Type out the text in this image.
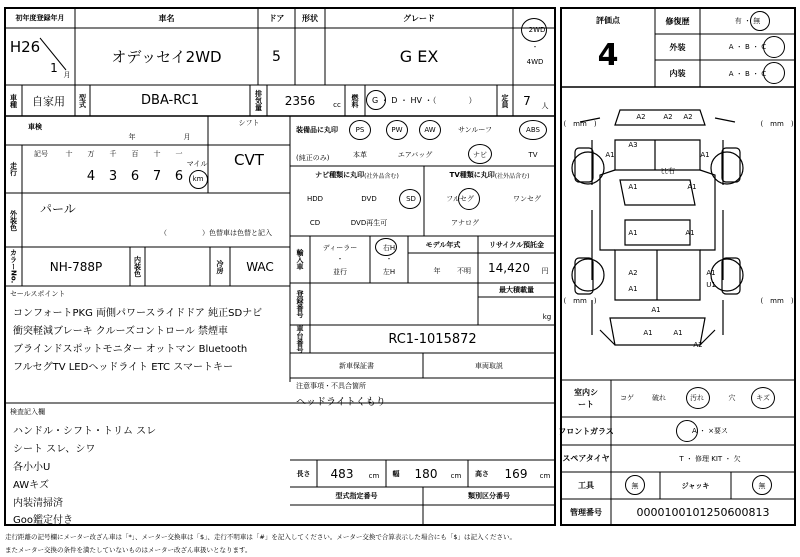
初年度登録年月	車名	ドア	形状	グレード
H26
1 月
オデッセイ2WD	5	G EX
2WD
・
4WD
車種	自家用	型式	DBA-RC1	排気量	2356	cc	燃料	G ・ D ・ HV ・（　　　　）	定員	7	人
車検
年	月
シフト
CVT
走行
記号	十	万	千	百	十	一
マイル
4 3 6 7 6	km
外装色
パール
（　　　　　）色替車は色替と記入
カラーNo.	NH-788P	内装色	冷房	WAC
セールスポイント
コンフォートPKG 両側パワースライドドア 純正SDナビ
衝突軽減ブレーキ クルーズコントロール 禁煙車
ブラインドスポットモニター オットマン Bluetooth
フルセグTV LEDヘッドライト ETC スマートキー
装備品に丸印
(純正のみ)
PS	PW	AW	サンルーフ	ABS
本革	エアバッグ	ナビ	TV
ナビ種類に丸印 (社外品含む)	TV種類に丸印 (社外品含む)
HDD	DVD	SD
CD	DVD再生可
フルセグ	ワンセグ
アナログ
輸入車
ディーラー
・
並行
右H
・
左H
モデル年式
年	不明
リサイクル預託金
14,420	円
登録番号	最大積載量
kg
車台番号	RC1-1015872
新車保証書	車両取説
注意事項・不具合箇所
ヘッドライトくもり
検査記入欄
ハンドル・シフト・トリム スレ
シート スレ、シワ
各小小U
AWキズ
内装清掃済
Goo鑑定付き
長さ	483	cm	幅	180	cm	高さ	169	cm
型式指定番号	類別区分番号
評価点
4
修復歴	有 ・ 無
外装	A ・ B ・ C
内装	A ・ B ・ C
A2
A3
A1	A1
A1	A1
A2
A1
A1
U1
A1	A1
A2
A2
A1	A1
A1
A2
ﾋﾋ右
(　mm　)	(　mm　)
(　mm　)	(　mm　)
室内シート
コゲ	破れ	汚れ	穴	キズ
フロントガラス	A ・ ×要ス
スペアタイヤ	T ・ 修理 KIT ・ 欠
工具	無	ジャッキ	無
管理番号	0000100101250600813
走行距離の記号欄にメーター改ざん車は「*」、メーター交換車は「$」、走行不明車は「#」を記入してください。メーター交換で合算表示した場合にも「$」は記入ください。
またメーター交換の条件を満たしていないものはメーター改ざん車扱いとなります。
